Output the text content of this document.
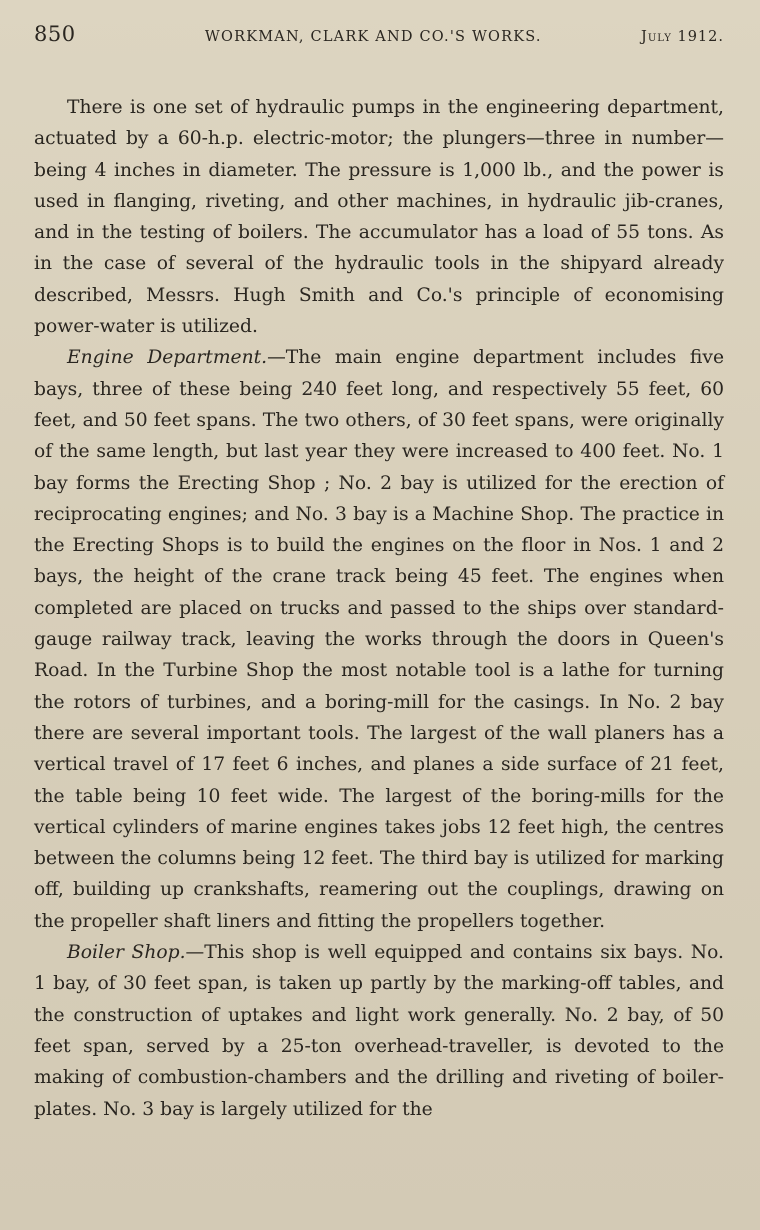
850	WORKMAN, CLARK AND CO.'S WORKS.	July 1912.

There is one set of hydraulic pumps in the engineering department, actuated by a 60-h.p. electric-motor; the plungers—three in number—being 4 inches in diameter. The pressure is 1,000 lb., and the power is used in flanging, riveting, and other machines, in hydraulic jib-cranes, and in the testing of boilers. The accumulator has a load of 55 tons. As in the case of several of the hydraulic tools in the shipyard already described, Messrs. Hugh Smith and Co.'s principle of economising power-water is utilized.

Engine Department.—The main engine department includes five bays, three of these being 240 feet long, and respectively 55 feet, 60 feet, and 50 feet spans. The two others, of 30 feet spans, were originally of the same length, but last year they were increased to 400 feet. No. 1 bay forms the Erecting Shop ; No. 2 bay is utilized for the erection of reciprocating engines; and No. 3 bay is a Machine Shop. The practice in the Erecting Shops is to build the engines on the floor in Nos. 1 and 2 bays, the height of the crane track being 45 feet. The engines when completed are placed on trucks and passed to the ships over standard-gauge railway track, leaving the works through the doors in Queen's Road. In the Turbine Shop the most notable tool is a lathe for turning the rotors of turbines, and a boring-mill for the casings. In No. 2 bay there are several important tools. The largest of the wall planers has a vertical travel of 17 feet 6 inches, and planes a side surface of 21 feet, the table being 10 feet wide. The largest of the boring-mills for the vertical cylinders of marine engines takes jobs 12 feet high, the centres between the columns being 12 feet. The third bay is utilized for marking off, building up crankshafts, reamering out the couplings, drawing on the propeller shaft liners and fitting the propellers together.

Boiler Shop.—This shop is well equipped and contains six bays. No. 1 bay, of 30 feet span, is taken up partly by the marking-off tables, and the construction of uptakes and light work generally. No. 2 bay, of 50 feet span, served by a 25-ton overhead-traveller, is devoted to the making of combustion-chambers and the drilling and riveting of boiler-plates. No. 3 bay is largely utilized for the
